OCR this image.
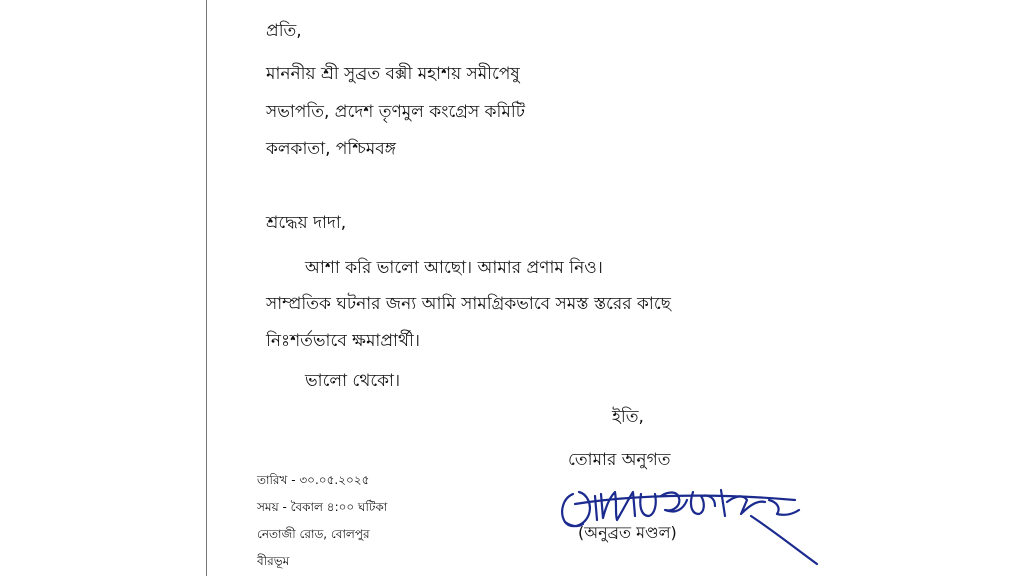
প্রতি,
মাননীয় শ্রী সুব্রত বক্সী মহাশয় সমীপেষু
সভাপতি, প্রদেশ তৃণমুল কংগ্রেস কমিটি
কলকাতা, পশ্চিমবঙ্গ
শ্রদ্ধেয় দাদা,
আশা করি ভালো আছো। আমার প্রণাম নিও।
সাম্প্রতিক ঘটনার জন্য আমি সামগ্রিকভাবে সমস্ত স্তরের কাছে
নিঃশর্তভাবে ক্ষমাপ্রার্থী।
ভালো থেকো।
ইতি,
তোমার অনুগত
(অনুব্রত মণ্ডল)
তারিখ - ৩০.০৫.২০২৫
সময় - বৈকাল ৪:০০ ঘটিকা
নেতাজী রোড, বোলপুর
বীরভূম
